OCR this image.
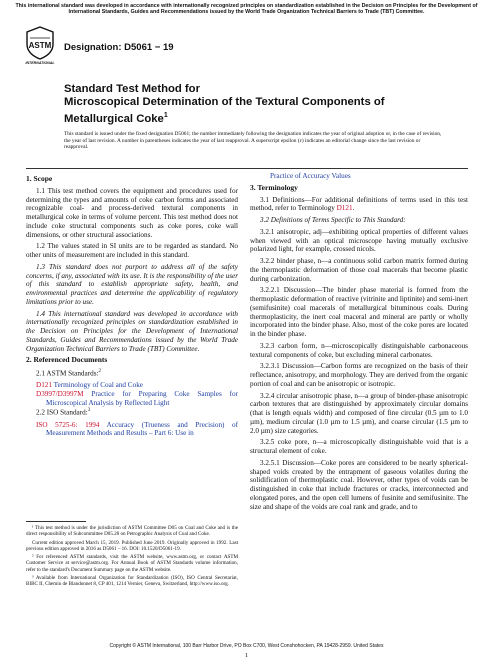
This international standard was developed in accordance with internationally recognized principles on standardization established in the Decision on Principles for the Development of International Standards, Guides and Recommendations issued by the World Trade Organization Technical Barriers to Trade (TBT) Committee.
ASTM
INTERNATIONAL
Designation: D5061 − 19
Standard Test Method for
Microscopical Determination of the Textural Components of
Metallurgical Coke$^1$
This standard is issued under the fixed designation D5061; the number immediately following the designation indicates the year of original adoption or, in the case of revision, the year of last revision. A number in parentheses indicates the year of last reapproval. A superscript epsilon (ε) indicates an editorial change since the last revision or reapproval.
1. Scope

1.1 This test method covers the equipment and procedures used for determining the types and amounts of coke carbon forms and associated recognizable coal- and process-derived textural components in metallurgical coke in terms of volume percent. This test method does not include coke structural components such as coke pores, coke wall dimensions, or other structural associations.

1.2 The values stated in SI units are to be regarded as standard. No other units of measurement are included in this standard.

1.3 This standard does not purport to address all of the safety concerns, if any, associated with its use. It is the responsibility of the user of this standard to establish appropriate safety, health, and environmental practices and determine the applicability of regulatory limitations prior to use.

1.4 This international standard was developed in accordance with internationally recognized principles on standardization established in the Decision on Principles for the Development of International Standards, Guides and Recommendations issued by the World Trade Organization Technical Barriers to Trade (TBT) Committee.

2. Referenced Documents

2.1 ASTM Standards:$^2$

D121 Terminology of Coal and Coke

D3997/D3997M Practice for Preparing Coke Samples for Microscopical Analysis by Reflected Light

2.2 ISO Standard:$^3$

ISO 5725-6: 1994 Accuracy (Trueness and Precision) of Measurement Methods and Results – Part 6: Use in

¹ This test method is under the jurisdiction of ASTM Committee D05 on Coal and Coke and is the direct responsibility of Subcommittee D05.28 on Petrographic Analysis of Coal and Coke.

Current edition approved March 15, 2019. Published June 2019. Originally approved in 1992. Last previous edition approved in 2016 as D5061 – 16. DOI: 10.1520/D5061-19.

² For referenced ASTM standards, visit the ASTM website, www.astm.org, or contact ASTM Customer Service at service@astm.org. For Annual Book of ASTM Standards volume information, refer to the standard's Document Summary page on the ASTM website.

³ Available from International Organization for Standardization (ISO), ISO Central Secretariat, BIBC II, Chemin de Blandonnet 8, CP 401, 1214 Vernier, Geneva, Switzerland, http://www.iso.org.

Practice of Accuracy Values

3. Terminology

3.1 Definitions—For additional definitions of terms used in this test method, refer to Terminology D121.

3.2 Definitions of Terms Specific to This Standard:

3.2.1 anisotropic, adj—exhibiting optical properties of different values when viewed with an optical microscope having mutually exclusive polarized light, for example, crossed nicols.

3.2.2 binder phase, n—a continuous solid carbon matrix formed during the thermoplastic deformation of those coal macerals that become plastic during carbonization.

3.2.2.1 Discussion—The binder phase material is formed from the thermoplastic deformation of reactive (vitrinite and liptinite) and semi-inert (semifusinite) coal macerals of metallurgical bituminous coals. During thermoplasticity, the inert coal maceral and mineral are partly or wholly incorporated into the binder phase. Also, most of the coke pores are located in the binder phase.

3.2.3 carbon form, n—microscopically distinguishable carbonaceous textural components of coke, but excluding mineral carbonates.

3.2.3.1 Discussion—Carbon forms are recognized on the basis of their reflectance, anisotropy, and morphology. They are derived from the organic portion of coal and can be anisotropic or isotropic.

3.2.4 circular anisotropic phase, n—a group of binder-phase anisotropic carbon textures that are distinguished by approximately circular domains (that is length equals width) and composed of fine circular (0.5 µm to 1.0 µm), medium circular (1.0 µm to 1.5 µm), and coarse circular (1.5 µm to 2.0 µm) size categories.

3.2.5 coke pore, n—a microscopically distinguishable void that is a structural element of coke.

3.2.5.1 Discussion—Coke pores are considered to be nearly spherical-shaped voids created by the entrapment of gaseous volatiles during the solidification of thermoplastic coal. However, other types of voids can be distinguished in coke that include fractures or cracks, interconnected and elongated pores, and the open cell lumens of fusinite and semifusinite. The size and shape of the voids are coal rank and grade, and to

Copyright © ASTM International, 100 Barr Harbor Drive, PO Box C700, West Conshohocken, PA 19428-2959. United States
1
